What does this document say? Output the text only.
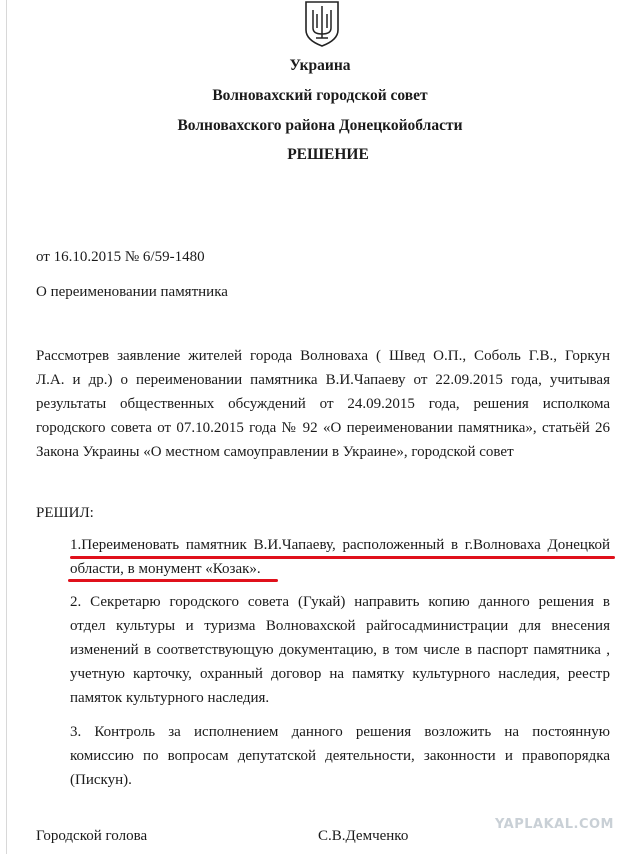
Украина
Волновахский городской совет
Волновахского района Донецкойобласти
РЕШЕНИЕ
от 16.10.2015 № 6/59-1480
О переименовании памятника
Рассмотрев заявление жителей города Волноваха ( Швед О.П., Соболь Г.В., Горкун
Л.А. и др.) о переименовании памятника В.И.Чапаеву от 22.09.2015 года, учитывая
результаты общественных обсуждений от 24.09.2015 года, решения исполкома
городского совета от 07.10.2015 года № 92 «О переименовании памятника», статьёй 26
Закона Украины «О местном самоуправлении в Украине», городской совет
РЕШИЛ:
1.Переименовать памятник В.И.Чапаеву, расположенный в г.Волноваха Донецкой
области, в монумент «Козак».
2. Секретарю городского совета (Гукай) направить копию данного решения в
отдел культуры и туризма Волновахской райгосадминистрации для внесения
изменений в соответствующую документацию, в том числе в паспорт памятника ,
учетную карточку, охранный договор на памятку культурного наследия, реестр
памяток культурного наследия.
3. Контроль за исполнением данного решения возложить на постоянную
комиссию по вопросам депутатской деятельности, законности и правопорядка
(Пискун).
Городской голова	С.В.Демченко
YAPLAKAL.COM
